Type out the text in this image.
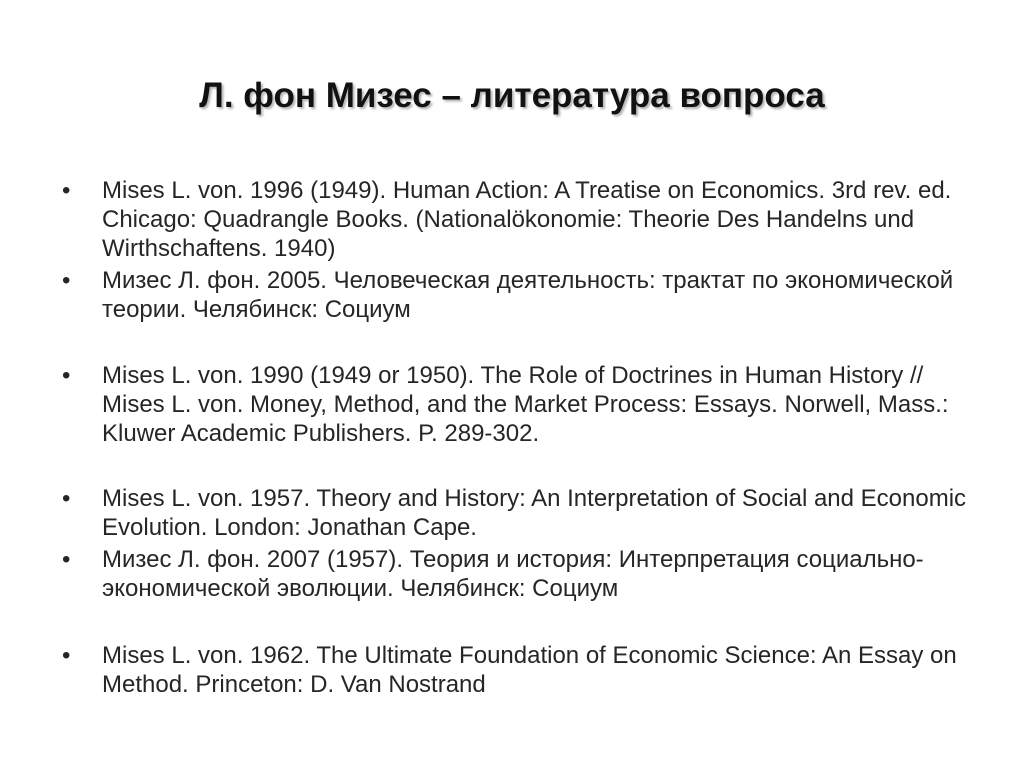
Л. фон Мизес – литература вопроса
•	Mises L. von. 1996 (1949). Human Action: A Treatise on Economics. 3rd rev. ed. Chicago: Quadrangle Books. (Nationalökonomie: Theorie Des Handelns und Wirthschaftens. 1940)
•	Мизес Л. фон. 2005. Человеческая деятельность: трактат по экономической теории. Челябинск: Социум
•	Mises L. von. 1990 (1949 or 1950). The Role of Doctrines in Human History // Mises L. von. Money, Method, and the Market Process: Essays. Norwell, Mass.: Kluwer Academic Publishers. P. 289-302.
•	Mises L. von. 1957. Theory and History: An Interpretation of Social and Economic Evolution. London: Jonathan Cape.
•	Мизес Л. фон. 2007 (1957). Теория и история: Интерпретация социально-экономической эволюции. Челябинск: Социум
•	Mises L. von. 1962. The Ultimate Foundation of Economic Science: An Essay on Method. Princeton: D. Van Nostrand
